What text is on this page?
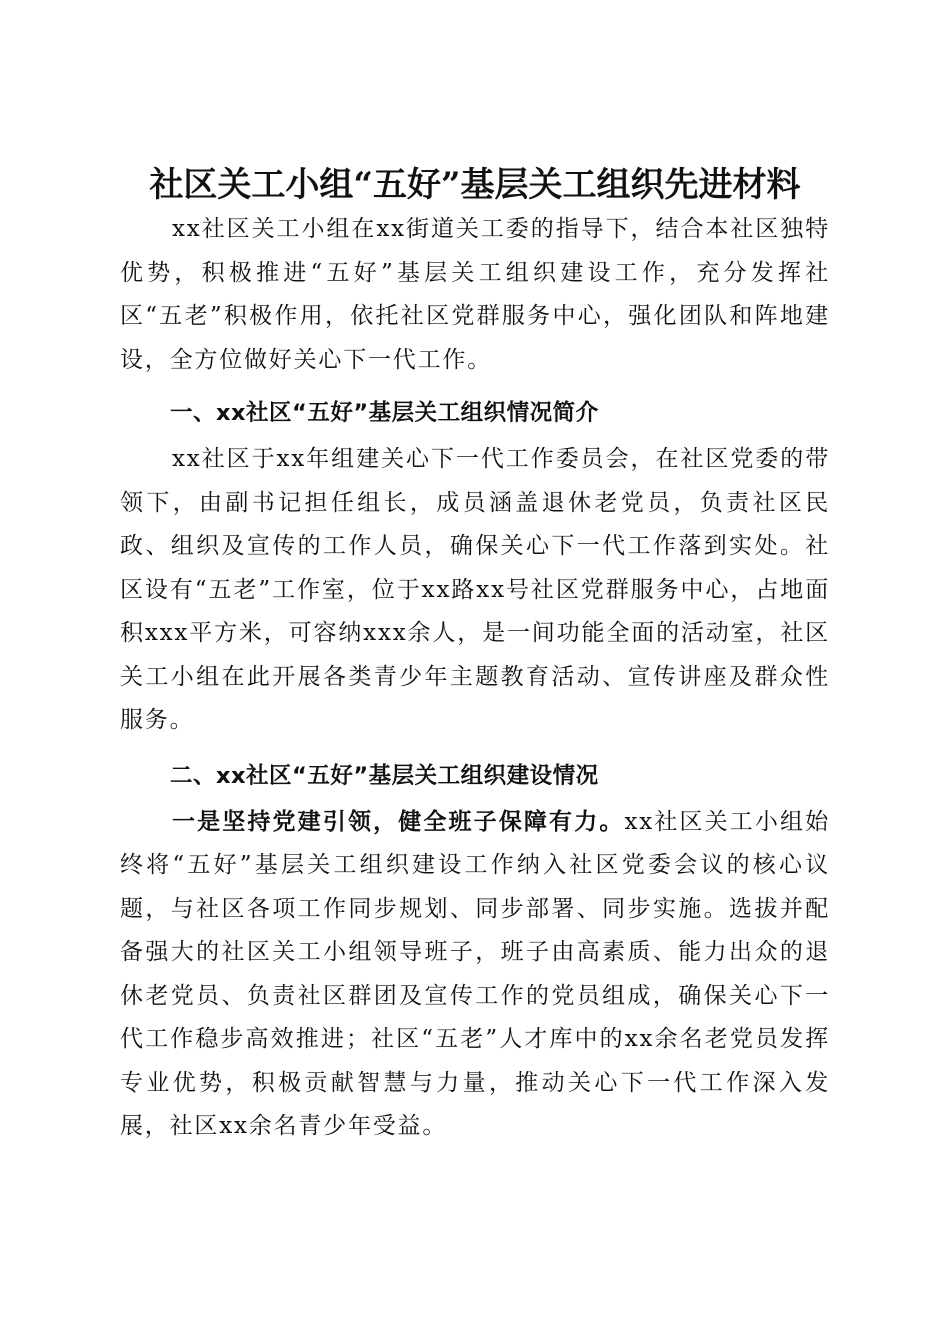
社区关工小组“五好”基层关工组织先进材料

xx社区关工小组在xx街道关工委的指导下，结合本社区独特优势，积极推进“五好”基层关工组织建设工作，充分发挥社区“五老”积极作用，依托社区党群服务中心，强化团队和阵地建设，全方位做好关心下一代工作。

一、xx社区“五好”基层关工组织情况简介

xx社区于xx年组建关心下一代工作委员会，在社区党委的带领下，由副书记担任组长，成员涵盖退休老党员，负责社区民政、组织及宣传的工作人员，确保关心下一代工作落到实处。社区设有“五老”工作室，位于xx路xx号社区党群服务中心，占地面积xxx平方米，可容纳xxx余人，是一间功能全面的活动室，社区关工小组在此开展各类青少年主题教育活动、宣传讲座及群众性服务。

二、xx社区“五好”基层关工组织建设情况

一是坚持党建引领，健全班子保障有力。xx社区关工小组始终将“五好”基层关工组织建设工作纳入社区党委会议的核心议题，与社区各项工作同步规划、同步部署、同步实施。选拔并配备强大的社区关工小组领导班子，班子由高素质、能力出众的退休老党员、负责社区群团及宣传工作的党员组成，确保关心下一代工作稳步高效推进；社区“五老”人才库中的xx余名老党员发挥专业优势，积极贡献智慧与力量，推动关心下一代工作深入发展，社区xx余名青少年受益。
